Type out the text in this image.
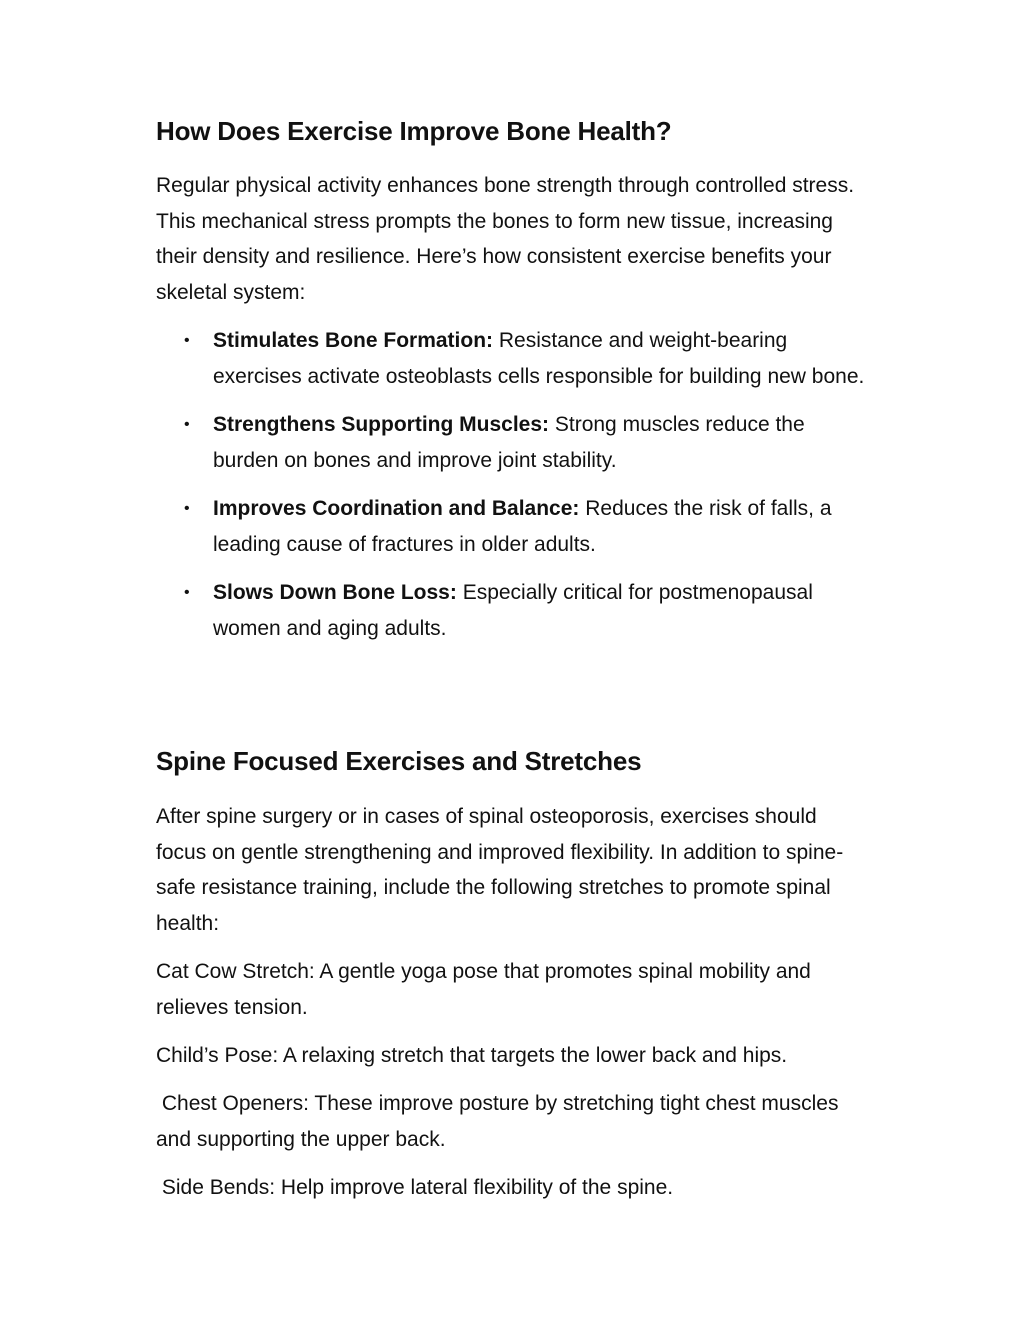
How Does Exercise Improve Bone Health?

Regular physical activity enhances bone strength through controlled stress. This mechanical stress prompts the bones to form new tissue, increasing their density and resilience. Here’s how consistent exercise benefits your skeletal system:

• Stimulates Bone Formation: Resistance and weight-bearing exercises activate osteoblasts cells responsible for building new bone.
• Strengthens Supporting Muscles: Strong muscles reduce the burden on bones and improve joint stability.
• Improves Coordination and Balance: Reduces the risk of falls, a leading cause of fractures in older adults.
• Slows Down Bone Loss: Especially critical for postmenopausal women and aging adults.
Spine Focused Exercises and Stretches

After spine surgery or in cases of spinal osteoporosis, exercises should focus on gentle strengthening and improved flexibility. In addition to spine-safe resistance training, include the following stretches to promote spinal health:

Cat Cow Stretch: A gentle yoga pose that promotes spinal mobility and relieves tension.

Child’s Pose: A relaxing stretch that targets the lower back and hips.

Chest Openers: These improve posture by stretching tight chest muscles and supporting the upper back.

Side Bends: Help improve lateral flexibility of the spine.
